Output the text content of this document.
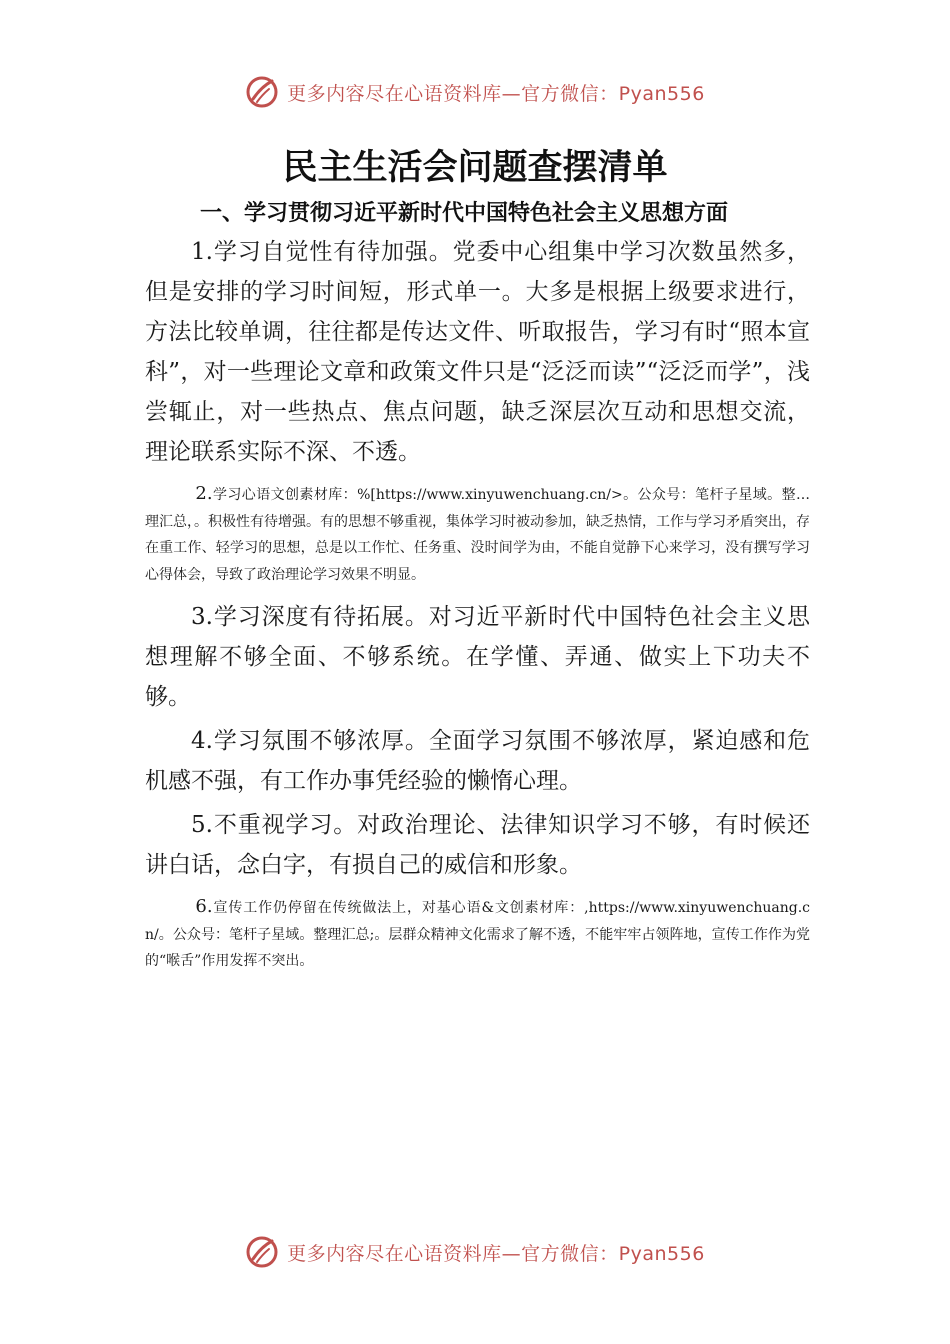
更多内容尽在心语资料库—官方微信：Pyan556
民主生活会问题查摆清单
一、学习贯彻习近平新时代中国特色社会主义思想方面

1.学习自觉性有待加强。党委中心组集中学习次数虽然多，但是安排的学习时间短，形式单一。大多是根据上级要求进行，方法比较单调，往往都是传达文件、听取报告，学习有时“照本宣科”，对一些理论文章和政策文件只是“泛泛而读”“泛泛而学”，浅尝辄止，对一些热点、焦点问题，缺乏深层次互动和思想交流，理论联系实际不深、不透。

2.学习心语文创素材库：%[https://www.xinyuwenchuang.cn/>。公众号：笔杆子星域。整…理汇总，。积极性有待增强。有的思想不够重视，集体学习时被动参加，缺乏热情，工作与学习矛盾突出，存在重工作、轻学习的思想，总是以工作忙、任务重、没时间学为由，不能自觉静下心来学习，没有撰写学习心得体会，导致了政治理论学习效果不明显。

3.学习深度有待拓展。对习近平新时代中国特色社会主义思想理解不够全面、不够系统。在学懂、弄通、做实上下功夫不够。

4.学习氛围不够浓厚。全面学习氛围不够浓厚，紧迫感和危机感不强，有工作办事凭经验的懒惰心理。

5.不重视学习。对政治理论、法律知识学习不够，有时候还讲白话，念白字，有损自己的威信和形象。

6.宣传工作仍停留在传统做法上，对基心语&文创素材库：,https://www.xinyuwenchuang.cn/。公众号：笔杆子星域。整理汇总;。层群众精神文化需求了解不透，不能牢牢占领阵地，宣传工作作为党的“喉舌”作用发挥不突出。

更多内容尽在心语资料库—官方微信：Pyan556
